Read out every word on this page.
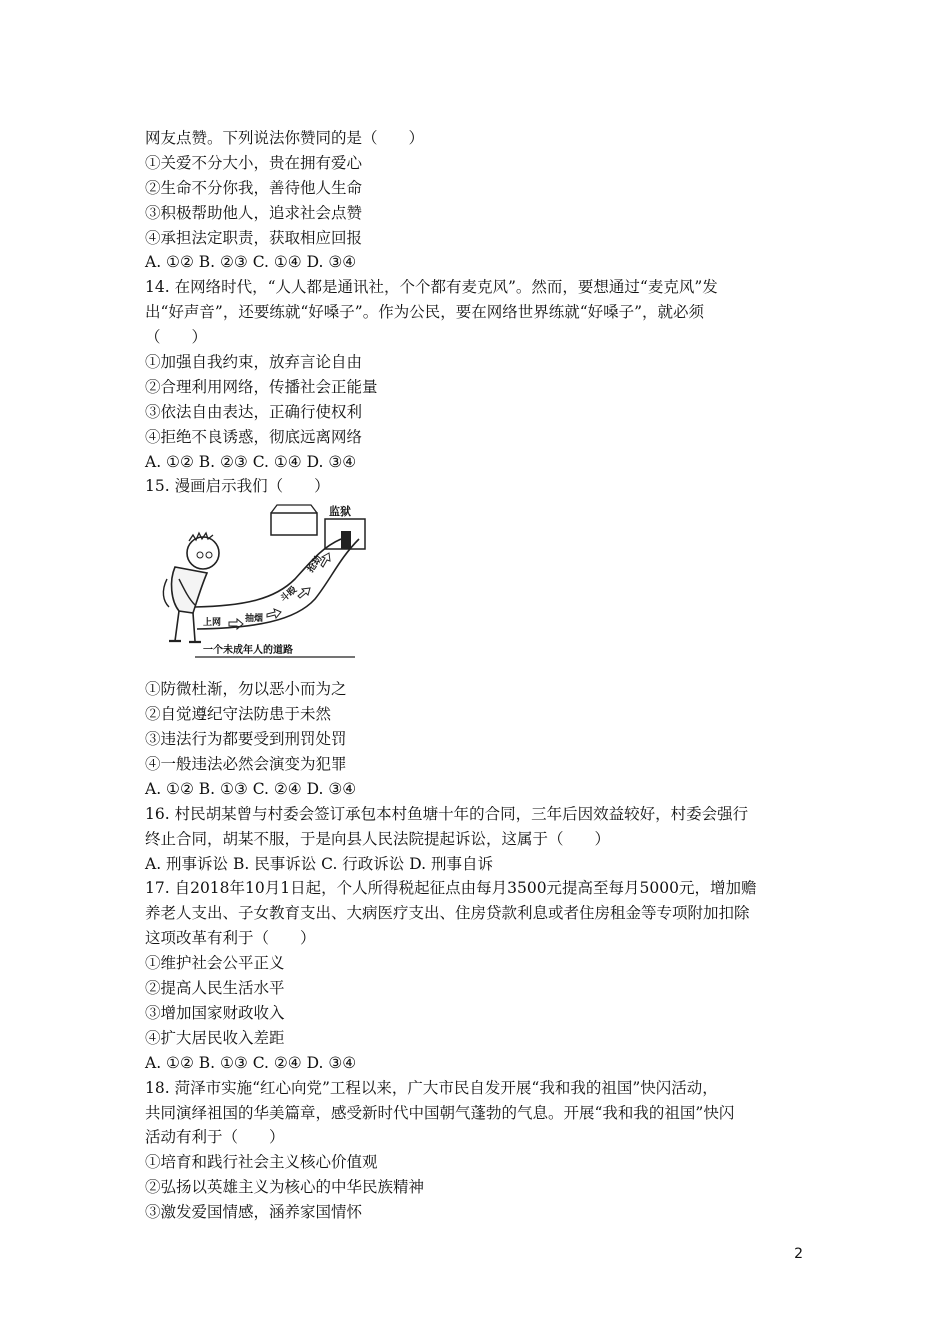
网友点赞。下列说法你赞同的是（　　）
①关爱不分大小，贵在拥有爱心
②生命不分你我，善待他人生命
③积极帮助他人，追求社会点赞
④承担法定职责，获取相应回报
A. ①② B. ②③ C. ①④ D. ③④
14. 在网络时代，“人人都是通讯社，个个都有麦克风”。然而，要想通过“麦克风”发
出“好声音”，还要练就“好嗓子”。作为公民，要在网络世界练就“好嗓子”，就必须
（　　）
①加强自我约束，放弃言论自由
②合理利用网络，传播社会正能量
③依法自由表达，正确行使权利
④拒绝不良诱惑，彻底远离网络
A. ①② B. ②③ C. ①④ D. ③④
15. 漫画启示我们（　　）
监狱
上网	抽烟
斗殴
抢劫
一个未成年人的道路
①防微杜渐，勿以恶小而为之
②自觉遵纪守法防患于未然
③违法行为都要受到刑罚处罚
④一般违法必然会演变为犯罪
A. ①② B. ①③ C. ②④ D. ③④
16. 村民胡某曾与村委会签订承包本村鱼塘十年的合同，三年后因效益较好，村委会强行
终止合同，胡某不服，于是向县人民法院提起诉讼，这属于（　　）
A. 刑事诉讼 B. 民事诉讼 C. 行政诉讼 D. 刑事自诉
17. 自2018年10月1日起，个人所得税起征点由每月3500元提高至每月5000元，增加赡
养老人支出、子女教育支出、大病医疗支出、住房贷款利息或者住房租金等专项附加扣除
这项改革有利于（　　）
①维护社会公平正义
②提高人民生活水平
③增加国家财政收入
④扩大居民收入差距
A. ①② B. ①③ C. ②④ D. ③④
18. 菏泽市实施“红心向党”工程以来，广大市民自发开展“我和我的祖国”快闪活动，
共同演绎祖国的华美篇章，感受新时代中国朝气蓬勃的气息。开展“我和我的祖国”快闪
活动有利于（　　）
①培育和践行社会主义核心价值观
②弘扬以英雄主义为核心的中华民族精神
③激发爱国情感，涵养家国情怀
2
